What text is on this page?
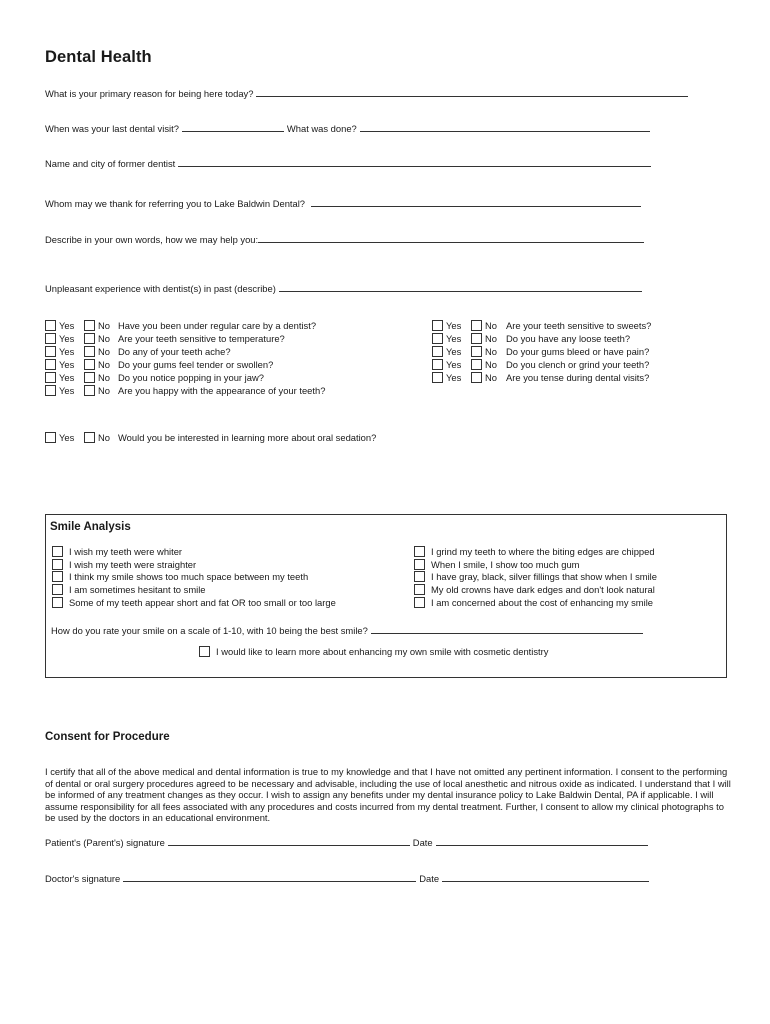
Dental Health
What is your primary reason for being here today?
When was your last dental visit?	What was done?
Name and city of former dentist
Whom may we thank for referring you to Lake Baldwin Dental?
Describe in your own words, how we may help you:
Unpleasant experience with dentist(s) in past (describe)
Yes	No Have you been under regular care by a dentist?
Yes	No Are your teeth sensitive to temperature?
Yes	No Do any of your teeth ache?
Yes	No Do your gums feel tender or swollen?
Yes	No Do you notice popping in your jaw?
Yes	No Are you happy with the appearance of your teeth?
Yes	No Are your teeth sensitive to sweets?
Yes	No Do you have any loose teeth?
Yes	No Do your gums bleed or have pain?
Yes	No Do you clench or grind your teeth?
Yes	No Are you tense during dental visits?
Yes	No Would you be interested in learning more about oral sedation?
Smile Analysis
I wish my teeth were whiter
I wish my teeth were straighter
I think my smile shows too much space between my teeth
I am sometimes hesitant to smile
Some of my teeth appear short and fat OR too small or too large
I grind my teeth to where the biting edges are chipped
When I smile, I show too much gum
I have gray, black, silver fillings that show when I smile
My old crowns have dark edges and don't look natural
I am concerned about the cost of enhancing my smile
How do you rate your smile on a scale of 1-10, with 10 being the best smile?
I would like to learn more about enhancing my own smile with cosmetic dentistry
Consent for Procedure
I certify that all of the above medical and dental information is true to my knowledge and that I have not omitted any pertinent information. I consent to the performing of dental or oral surgery procedures agreed to be necessary and advisable, including the use of local anesthetic and nitrous oxide as indicated. I understand that I will be informed of any treatment changes as they occur. I wish to assign any benefits under my dental insurance policy to Lake Baldwin Dental, PA if applicable. I will assume responsibility for all fees associated with any procedures and costs incurred from my dental treatment. Further, I consent to allow my clinical photographs to be used by the doctors in an educational environment.
Patient's (Parent's) signature	Date
Doctor's signature	Date
